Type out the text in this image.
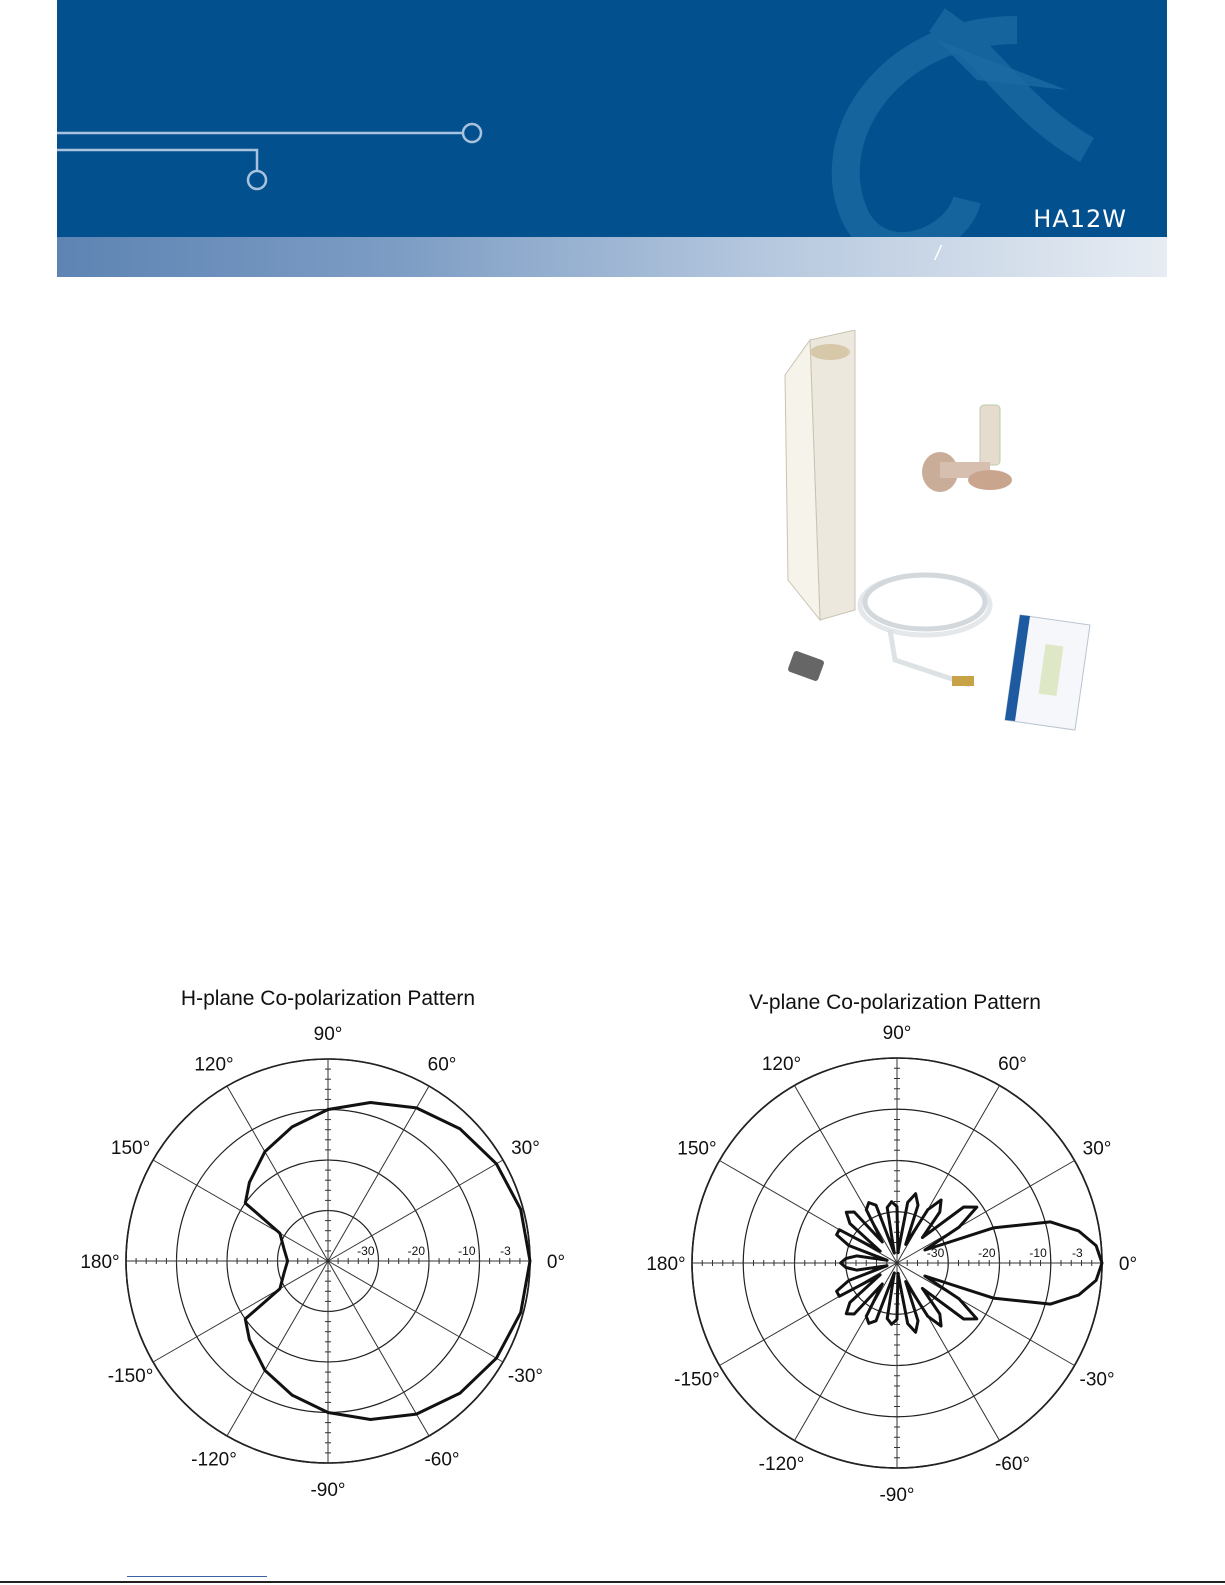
HA12W
/
H-plane Co-polarization Pattern
0°
30°
60°
90°
120°
150°
180°
-150°
-120°
-90°
-60°
-30°
-30	-20	-10 -3
V-plane Co-polarization Pattern
0°
30°
60°
90°
120°
150°
180°
-150°
-120°
-90°
-60°
-30°
-30	-20	-10 -3
